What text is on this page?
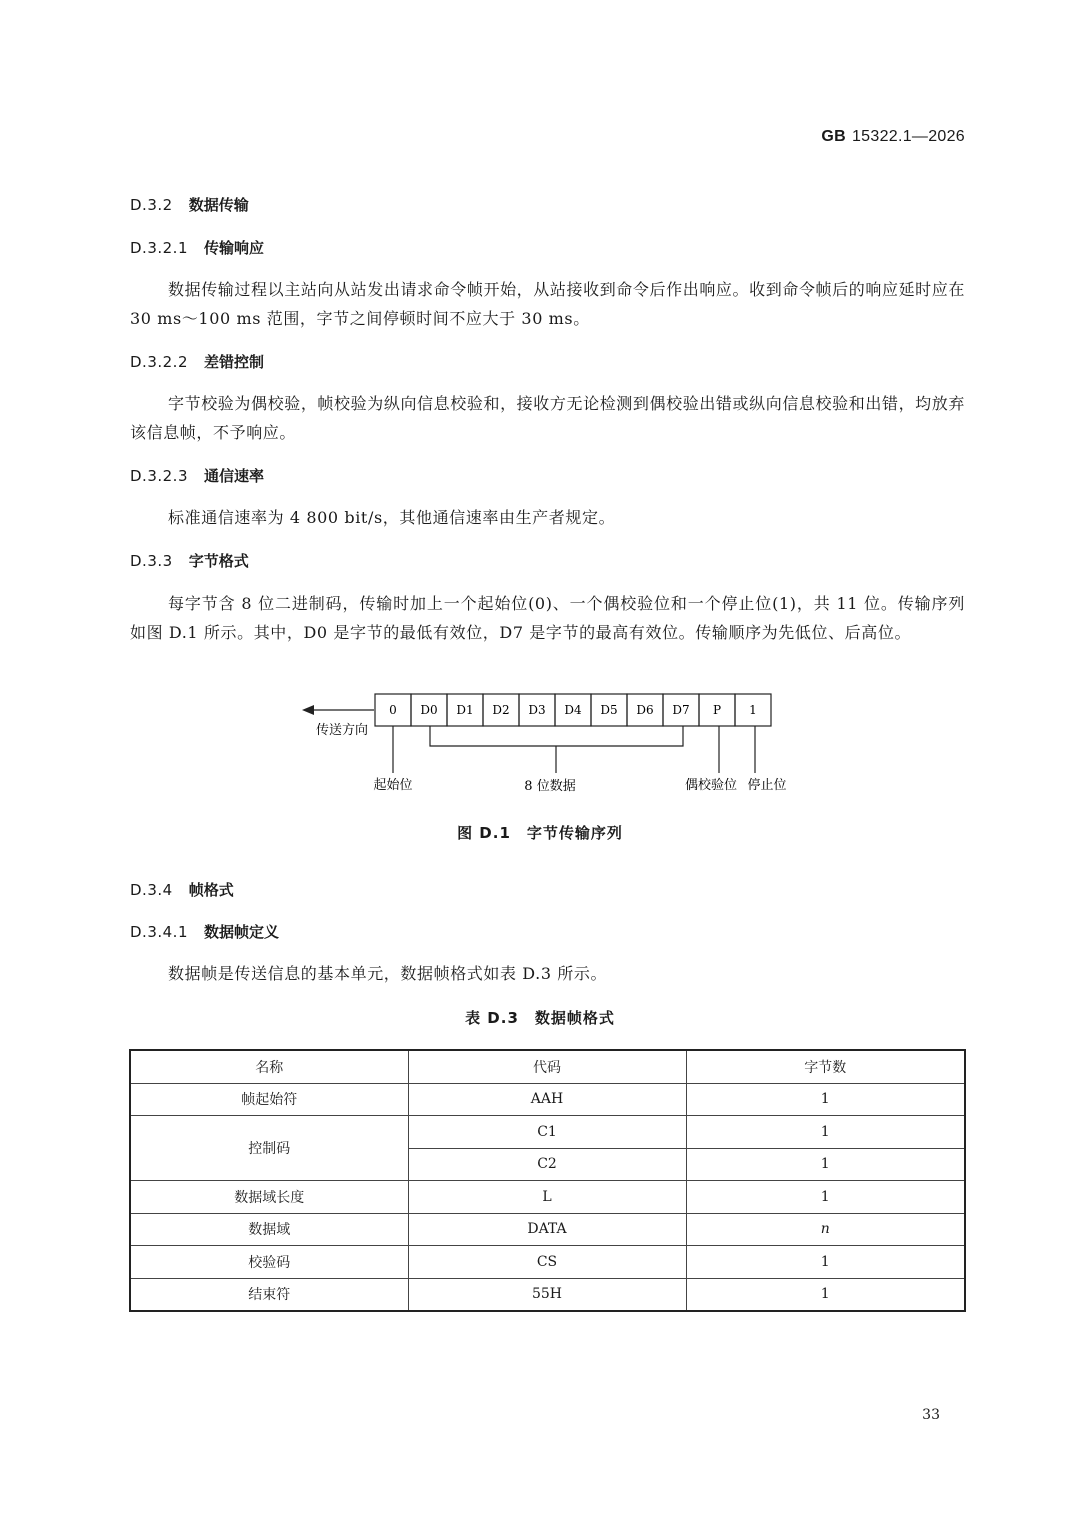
GB 15322.1—2026
D.3.2 数据传输
D.3.2.1 传输响应
数据传输过程以主站向从站发出请求命令帧开始，从站接收到命令后作出响应。收到命令帧后的响应延时应在 30 ms～100 ms 范围，字节之间停顿时间不应大于 30 ms。
D.3.2.2 差错控制
字节校验为偶校验，帧校验为纵向信息校验和，接收方无论检测到偶校验出错或纵向信息校验和出错，均放弃该信息帧，不予响应。
D.3.2.3 通信速率
标准通信速率为 4 800 bit/s，其他通信速率由生产者规定。
D.3.3 字节格式
每字节含 8 位二进制码，传输时加上一个起始位(0)、一个偶校验位和一个停止位(1)，共 11 位。传输序列如图 D.1 所示。其中，D0 是字节的最低有效位，D7 是字节的最高有效位。传输顺序为先低位、后高位。
0 D0 D1 D2 D3 D4 D5 D6 D7 P 1
传送方向
起始位	8 位数据	偶校验位 停止位
图 D.1 字节传输序列
D.3.4 帧格式
D.3.4.1 数据帧定义
数据帧是传送信息的基本单元，数据帧格式如表 D.3 所示。
表 D.3 数据帧格式
名称	代码	字节数
帧起始符	AAH	1
控制码	C1	1
	C2	1
数据域长度	L	1
数据域	DATA	n
校验码	CS	1
结束符	55H	1
33
